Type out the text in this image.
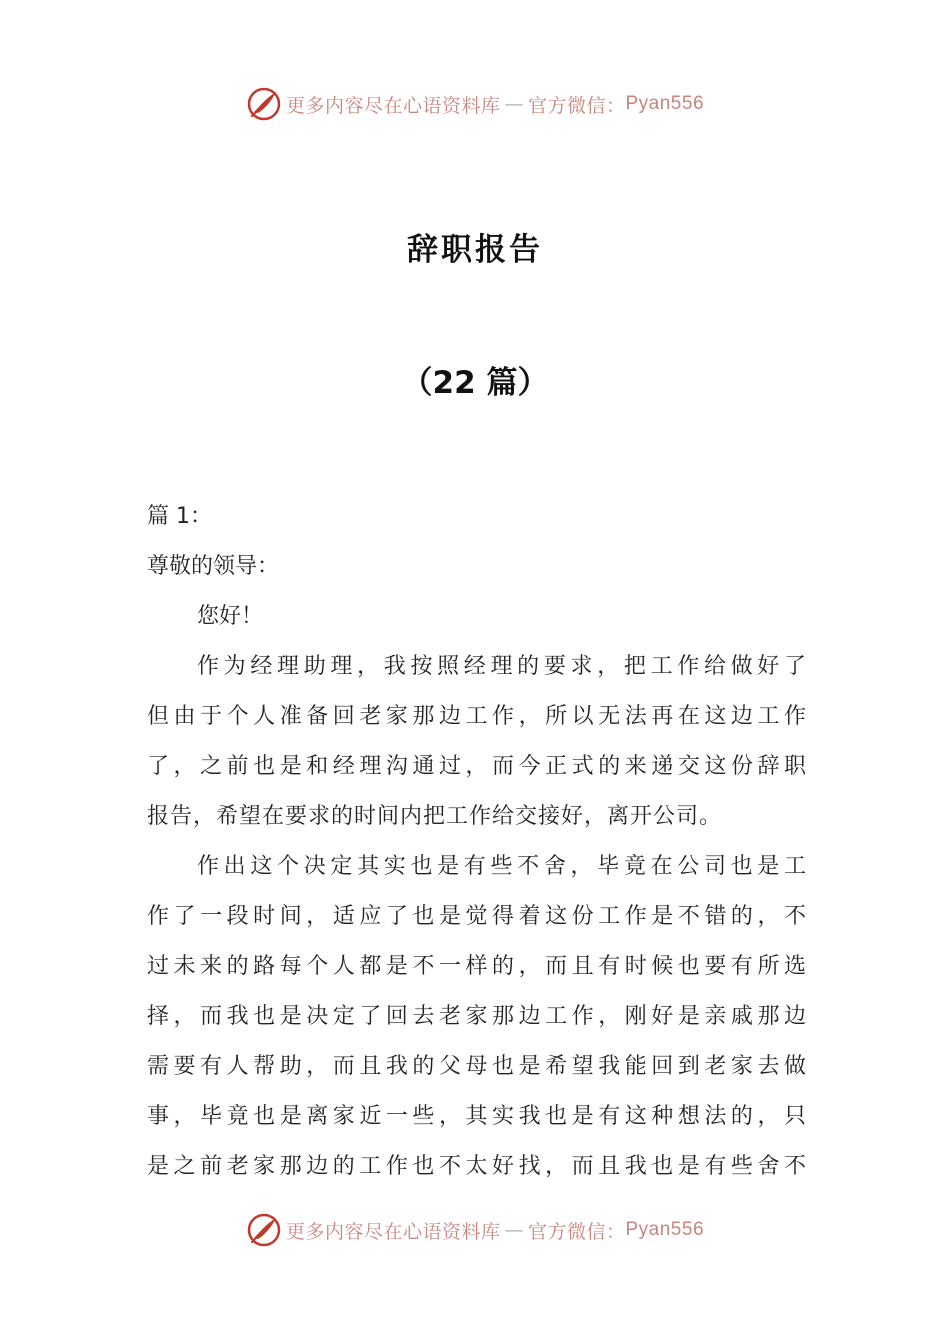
更多内容尽在心语资料库 — 官方微信： Pyan556
辞职报告
（22 篇）
篇 1：
尊敬的领导：
您好！
作为经理助理，我按照经理的要求，把工作给做好了
但由于个人准备回老家那边工作，所以无法再在这边工作
了，之前也是和经理沟通过，而今正式的来递交这份辞职
报告，希望在要求的时间内把工作给交接好，离开公司。
作出这个决定其实也是有些不舍，毕竟在公司也是工
作了一段时间，适应了也是觉得着这份工作是不错的，不
过未来的路每个人都是不一样的，而且有时候也要有所选
择，而我也是决定了回去老家那边工作，刚好是亲戚那边
需要有人帮助，而且我的父母也是希望我能回到老家去做
事，毕竟也是离家近一些，其实我也是有这种想法的，只
是之前老家那边的工作也不太好找，而且我也是有些舍不
更多内容尽在心语资料库 — 官方微信： Pyan556
